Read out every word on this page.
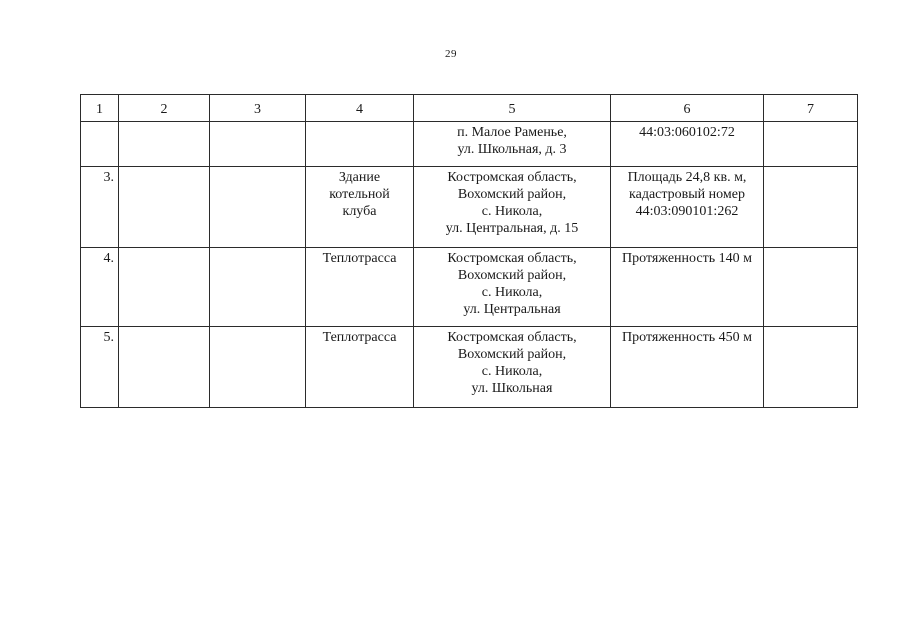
29
1	2	3	4	5	6	7

				п. Малое Раменье,
ул. Школьная, д. 3	44:03:060102:72	

3.			Здание
котельной
клуба	Костромская область,
Вохомский район,
с. Никола,
ул. Центральная, д. 15	Площадь 24,8 кв. м,
кадастровый номер
44:03:090101:262	

4.			Теплотрасса	Костромская область,
Вохомский район,
с. Никола,
ул. Центральная	Протяженность 140 м	

5.			Теплотрасса	Костромская область,
Вохомский район,
с. Никола,
ул. Школьная	Протяженность 450 м	
